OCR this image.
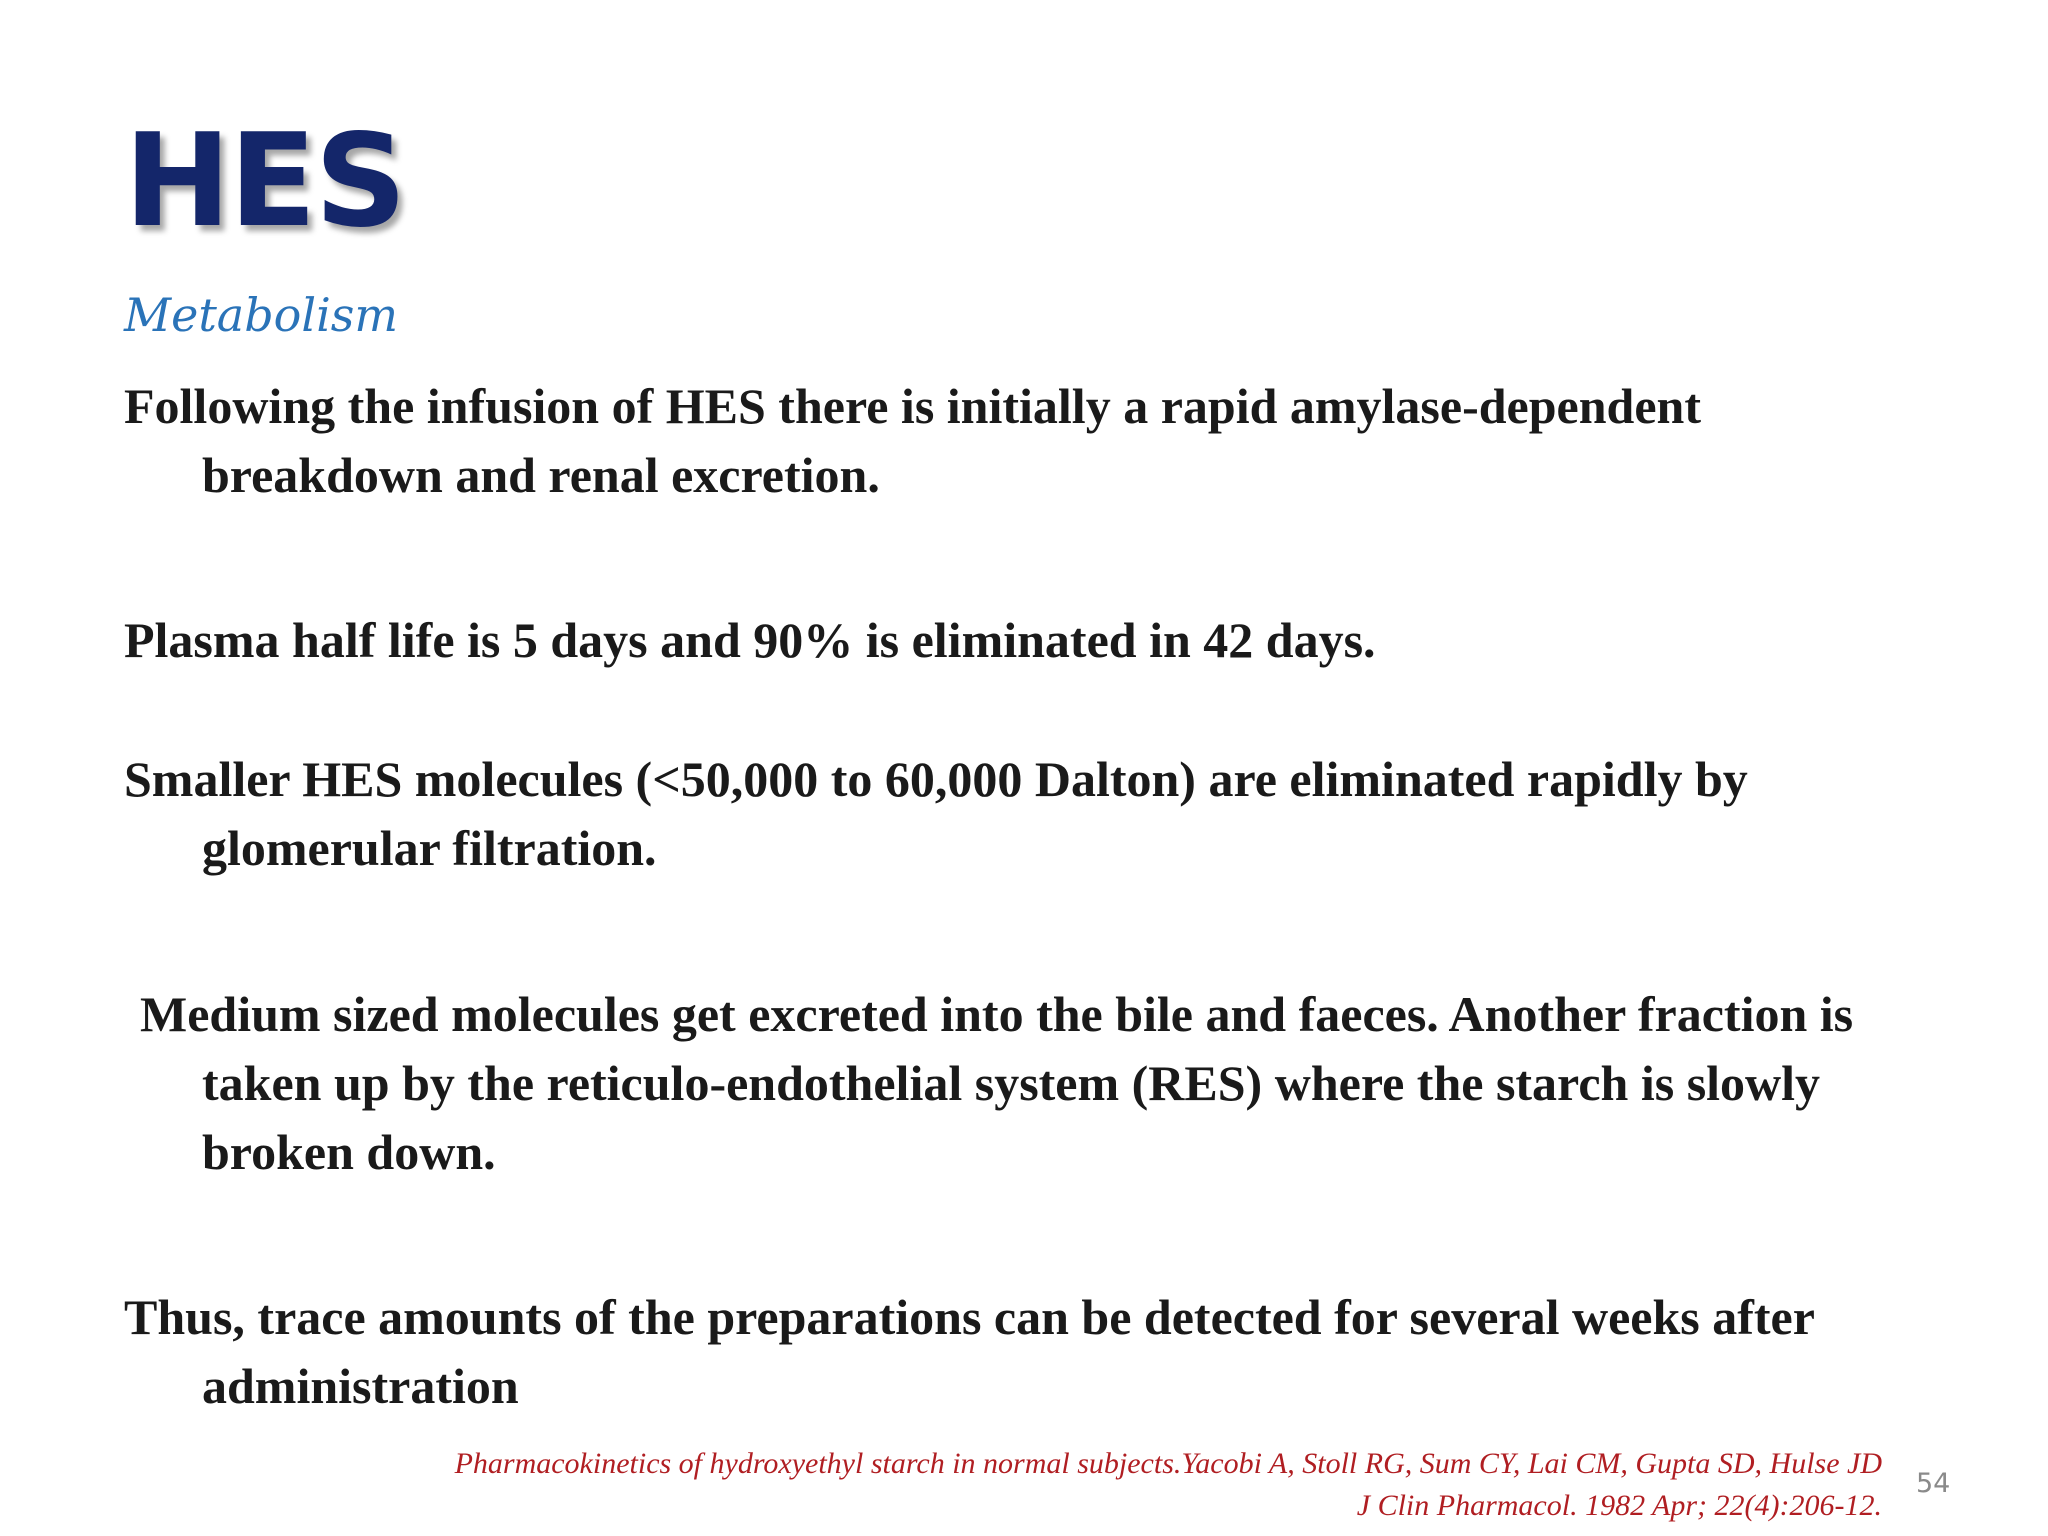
HES

Metabolism

Following the infusion of HES there is initially a rapid amylase-dependent breakdown and renal excretion.

Plasma half life is 5 days and 90% is eliminated in 42 days.

Smaller HES molecules (<50,000 to 60,000 Dalton) are eliminated rapidly by glomerular filtration.

Medium sized molecules get excreted into the bile and faeces. Another fraction is taken up by the reticulo-endothelial system (RES) where the starch is slowly broken down.

Thus, trace amounts of the preparations can be detected for several weeks after administration

Pharmacokinetics of hydroxyethyl starch in normal subjects.Yacobi A, Stoll RG, Sum CY, Lai CM, Gupta SD, Hulse JD
J Clin Pharmacol. 1982 Apr; 22(4):206-12.

54
